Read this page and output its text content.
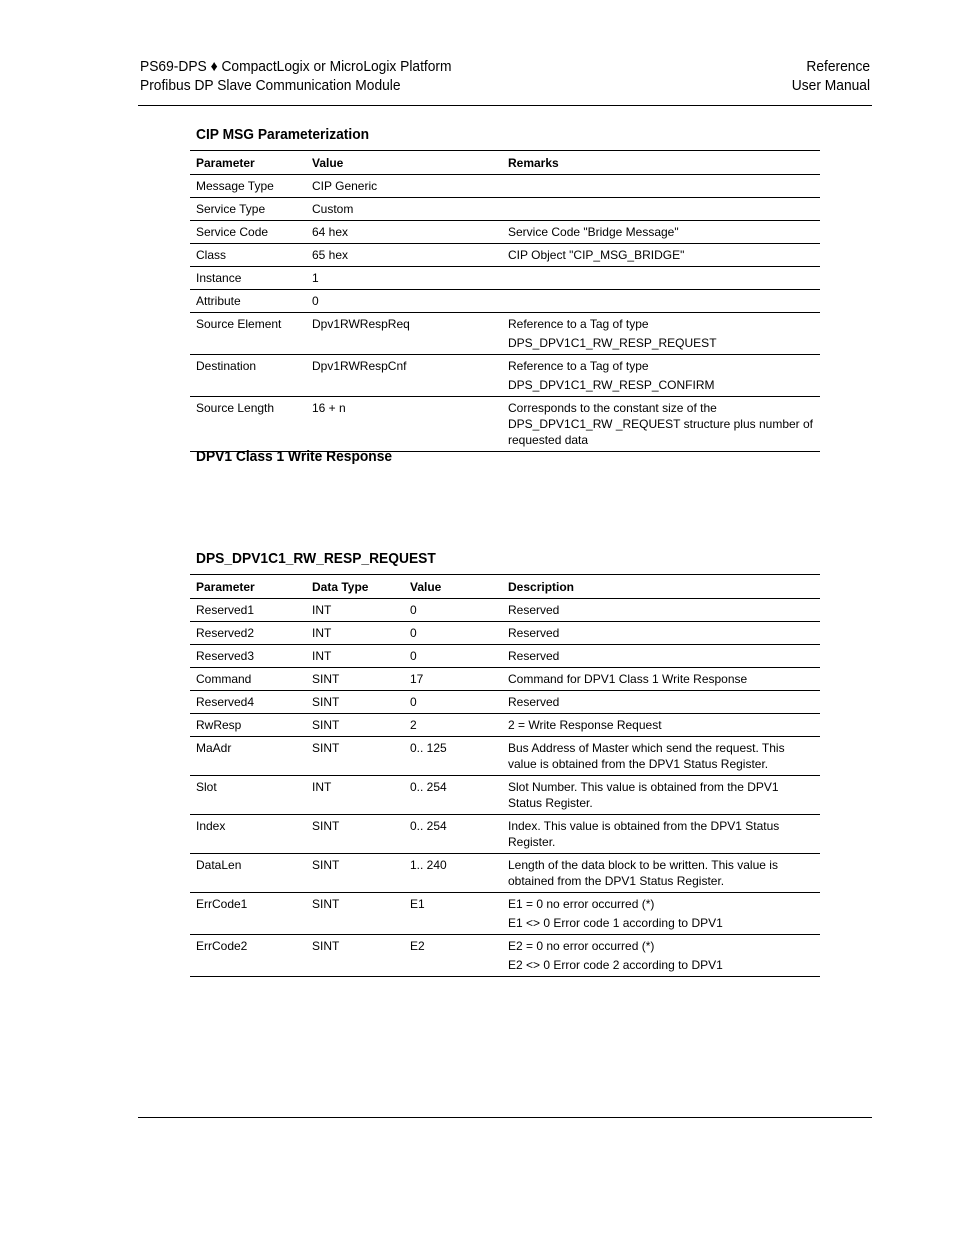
PS69-DPS ♦ CompactLogix or MicroLogix Platform
Profibus DP Slave Communication Module
Reference
User Manual
CIP MSG Parameterization
Parameter	Value	Remarks
Message Type	CIP Generic	

Service Type	Custom	

Service Code	64 hex	Service Code "Bridge Message"

Class	65 hex	CIP Object "CIP_MSG_BRIDGE"

Instance	1	

Attribute	0	

Source Element	Dpv1RWRespReq	Reference to a Tag of type
DPS_DPV1C1_RW_RESP_REQUEST

Destination	Dpv1RWRespCnf	Reference to a Tag of type
DPS_DPV1C1_RW_RESP_CONFIRM

Source Length	16 + n	Corresponds to the constant size of the DPS_DPV1C1_RW _REQUEST structure plus number of requested data
DPV1 Class 1 Write Response
DPS_DPV1C1_RW_RESP_REQUEST
Parameter	Data Type	Value	Description
Reserved1	INT	0	Reserved

Reserved2	INT	0	Reserved

Reserved3	INT	0	Reserved

Command	SINT	17	Command for DPV1 Class 1 Write Response

Reserved4	SINT	0	Reserved

RwResp	SINT	2	2 = Write Response Request

MaAdr	SINT	0.. 125	Bus Address of Master which send the request. This value is obtained from the DPV1 Status Register.

Slot	INT	0.. 254	Slot Number. This value is obtained from the DPV1 Status Register.

Index	SINT	0.. 254	Index. This value is obtained from the DPV1 Status Register.

DataLen	SINT	1.. 240	Length of the data block to be written. This value is obtained from the DPV1 Status Register.

ErrCode1	SINT	E1	E1 = 0 no error occurred (*)
E1 <> 0 Error code 1 according to DPV1

ErrCode2	SINT	E2	E2 = 0 no error occurred (*)
E2 <> 0 Error code 2 according to DPV1
